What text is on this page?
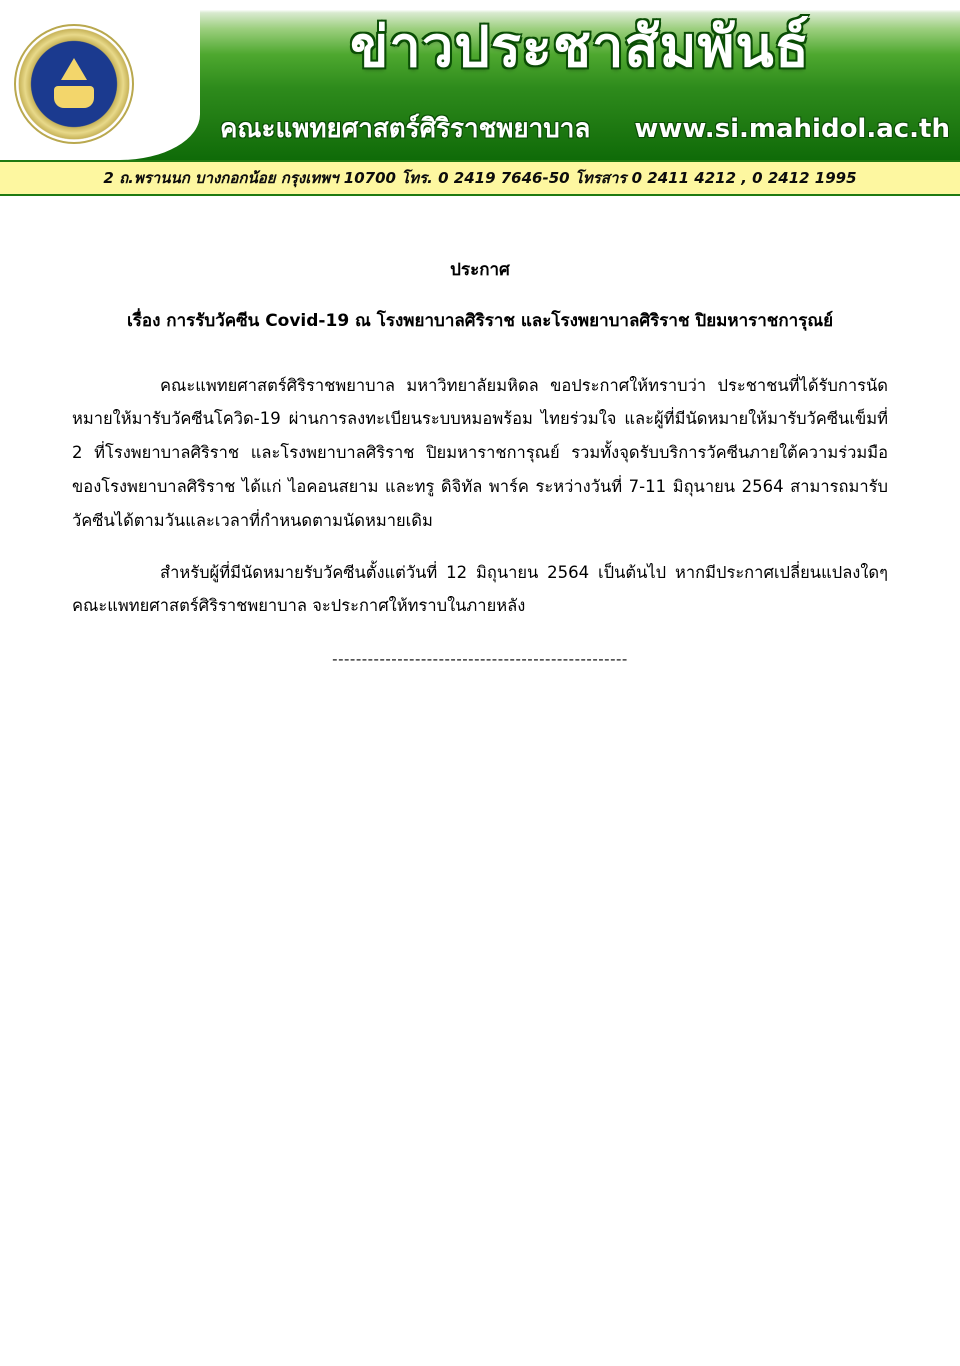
ข่าวประชาสัมพันธ์
คณะแพทยศาสตร์ศิริราชพยาบาล www.si.mahidol.ac.th
2 ถ.พรานนก บางกอกน้อย กรุงเทพฯ 10700 โทร. 0 2419 7646-50 โทรสาร 0 2411 4212 , 0 2412 1995
ประกาศ
เรื่อง การรับวัคซีน Covid-19 ณ โรงพยาบาลศิริราช และโรงพยาบาลศิริราช ปิยมหาราชการุณย์

คณะแพทยศาสตร์ศิริราชพยาบาล มหาวิทยาลัยมหิดล ขอประกาศให้ทราบว่า ประชาชนที่ได้รับการนัดหมายให้มารับวัคซีนโควิด-19 ผ่านการลงทะเบียนระบบหมอพร้อม ไทยร่วมใจ และผู้ที่มีนัดหมายให้มารับวัคซีนเข็มที่ 2 ที่โรงพยาบาลศิริราช และโรงพยาบาลศิริราช ปิยมหาราชการุณย์ รวมทั้งจุดรับบริการวัคซีนภายใต้ความร่วมมือของโรงพยาบาลศิริราช ได้แก่ ไอคอนสยาม และทรู ดิจิทัล พาร์ค ระหว่างวันที่ 7-11 มิถุนายน 2564 สามารถมารับวัคซีนได้ตามวันและเวลาที่กำหนดตามนัดหมายเดิม

สำหรับผู้ที่มีนัดหมายรับวัคซีนตั้งแต่วันที่ 12 มิถุนายน 2564 เป็นต้นไป หากมีประกาศเปลี่ยนแปลงใดๆ คณะแพทยศาสตร์ศิริราชพยาบาล จะประกาศให้ทราบในภายหลัง

--------------------------------------------------
